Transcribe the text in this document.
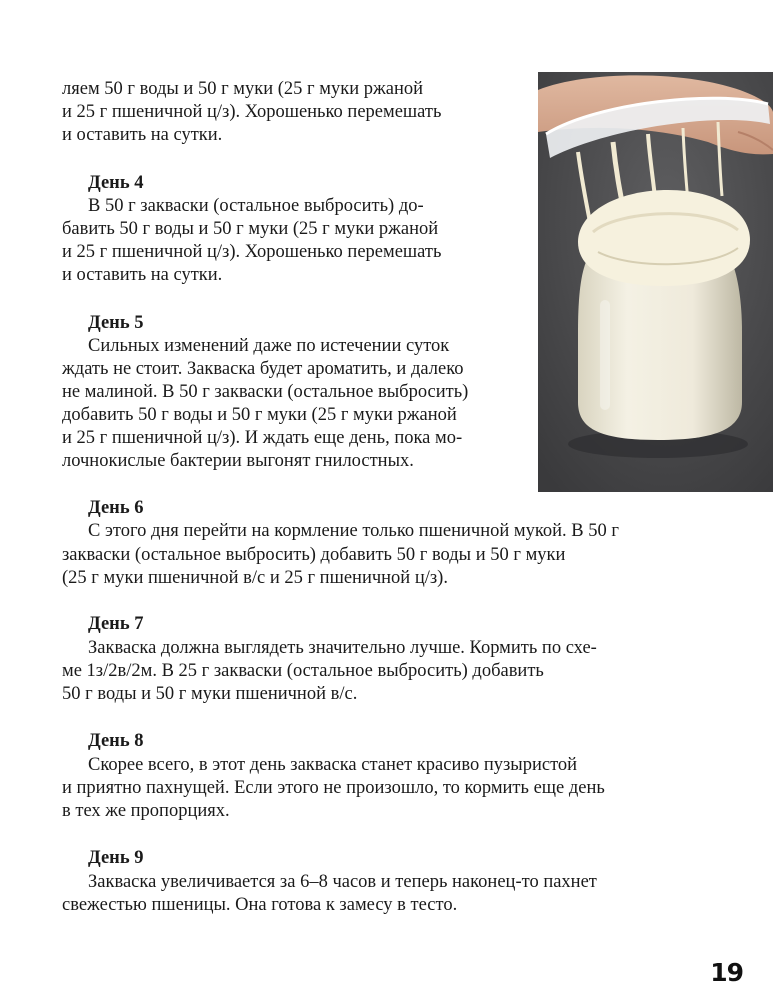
ляем 50 г воды и 50 г муки (25 г муки ржаной

и 25 г пшеничной ц/з). Хорошенько перемешать

и оставить на сутки.

День 4

В 50 г закваски (остальное выбросить) до-

бавить 50 г воды и 50 г муки (25 г муки ржаной

и 25 г пшеничной ц/з). Хорошенько перемешать

и оставить на сутки.

День 5

Сильных изменений даже по истечении суток

ждать не стоит. Закваска будет ароматить, и далеко

не малиной. В 50 г закваски (остальное выбросить)

добавить 50 г воды и 50 г муки (25 г муки ржаной

и 25 г пшеничной ц/з). И ждать еще день, пока мо-

лочнокислые бактерии выгонят гнилостных.

День 6

С этого дня перейти на кормление только пшеничной мукой. В 50 г

закваски (остальное выбросить) добавить 50 г воды и 50 г муки

(25 г муки пшеничной в/с и 25 г пшеничной ц/з).

День 7

Закваска должна выглядеть значительно лучше. Кормить по схе-

ме 1з/2в/2м. В 25 г закваски (остальное выбросить) добавить

50 г воды и 50 г муки пшеничной в/с.

День 8

Скорее всего, в этот день закваска станет красиво пузыристой

и приятно пахнущей. Если этого не произошло, то кормить еще день

в тех же пропорциях.

День 9

Закваска увеличивается за 6–8 часов и теперь наконец-то пахнет

свежестью пшеницы. Она готова к замесу в тесто.

19
